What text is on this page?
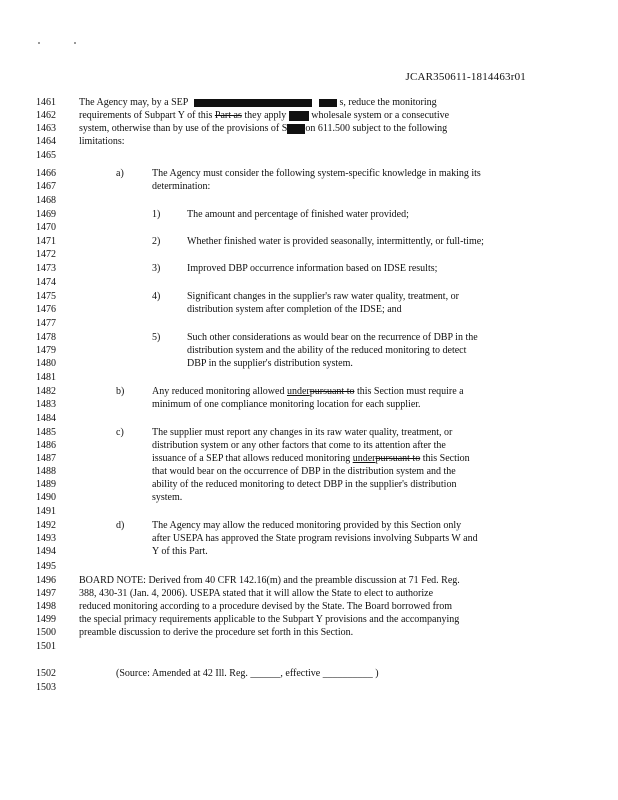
JCAR350611-1814463r01
1461
1462
1463
1464
1465
1466
1467
1468
1469
1470
1471
1472
1473
1474
1475
1476
1477
1478
1479
1480
1481
1482
1483
1484
1485
1486
1487
1488
1489
1490
1491
1492
1493
1494
1495
1496
1497
1498
1499
1500
1501
1502
1503
The Agency may, by a SEP	s, reduce the monitoring
requirements of Subpart Y of this Part as they apply	wholesale system or a consecutive
system, otherwise than by use of the provisions of S on 611.500 subject to the following
limitations:
a)	The Agency must consider the following system-specific knowledge in making its
determination:
1)	The amount and percentage of finished water provided;
2)	Whether finished water is provided seasonally, intermittently, or full-time;
3)	Improved DBP occurrence information based on IDSE results;
4)	Significant changes in the supplier's raw water quality, treatment, or
distribution system after completion of the IDSE; and
5)	Such other considerations as would bear on the recurrence of DBP in the
distribution system and the ability of the reduced monitoring to detect
DBP in the supplier's distribution system.
b)	Any reduced monitoring allowed underpursuant to this Section must require a
minimum of one compliance monitoring location for each supplier.
c)	The supplier must report any changes in its raw water quality, treatment, or
distribution system or any other factors that come to its attention after the
issuance of a SEP that allows reduced monitoring underpursuant to this Section
that would bear on the occurrence of DBP in the distribution system and the
ability of the reduced monitoring to detect DBP in the supplier's distribution
system.
d)	The Agency may allow the reduced monitoring provided by this Section only
after USEPA has approved the State program revisions involving Subparts W and
Y of this Part.
BOARD NOTE: Derived from 40 CFR 142.16(m) and the preamble discussion at 71 Fed. Reg.
388, 430-31 (Jan. 4, 2006). USEPA stated that it will allow the State to elect to authorize
reduced monitoring according to a procedure devised by the State. The Board borrowed from
the special primacy requirements applicable to the Subpart Y provisions and the accompanying
preamble discussion to derive the procedure set forth in this Section.
(Source: Amended at 42 Ill. Reg. ______, effective __________ )
